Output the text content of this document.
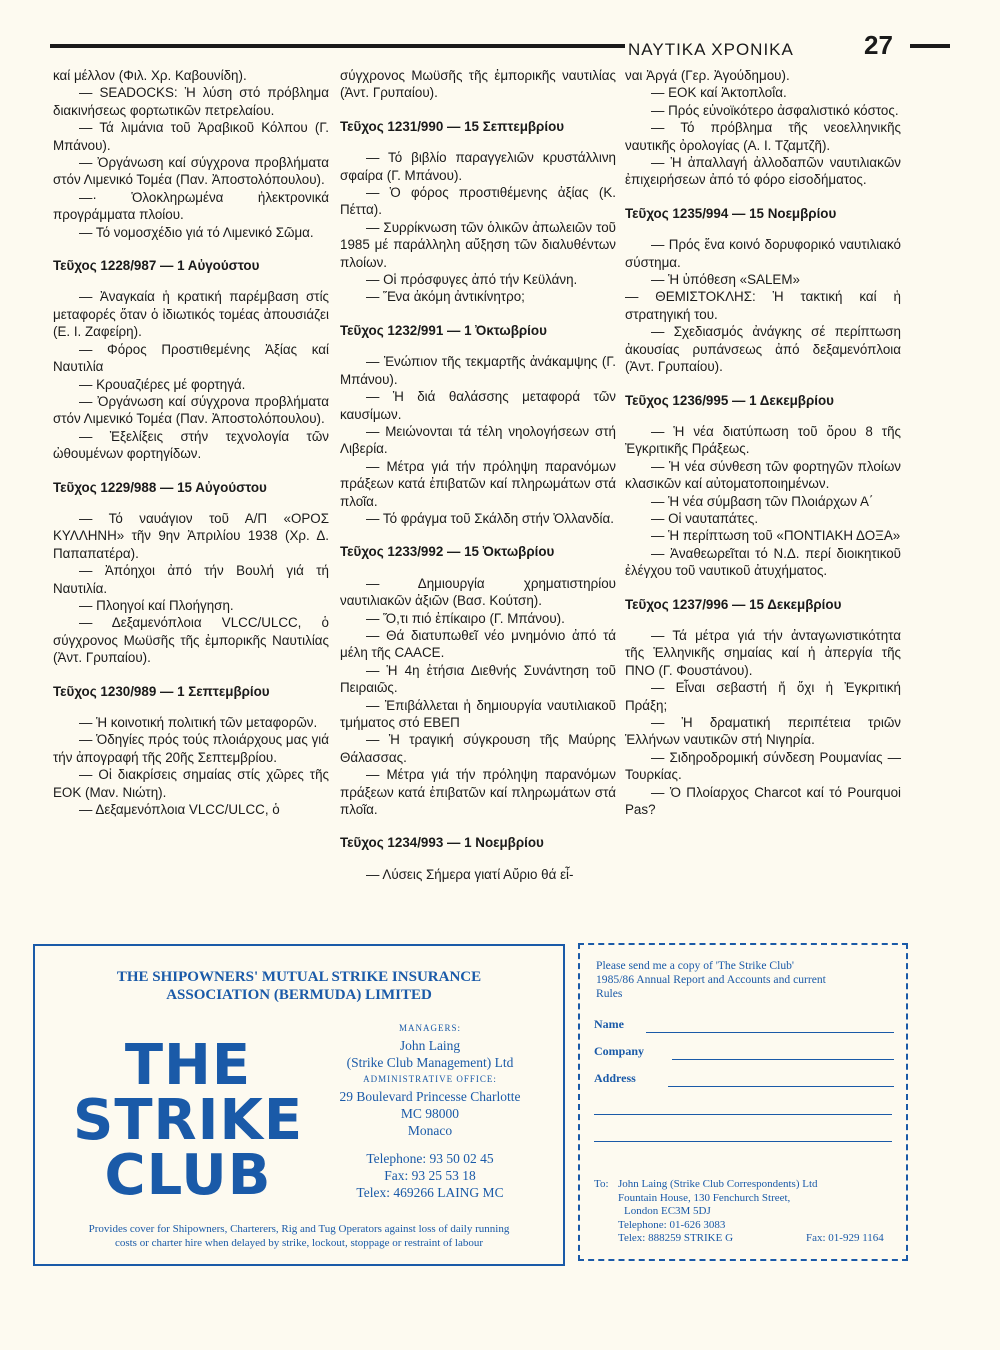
ΝΑΥΤΙΚΑ ΧΡΟΝΙΚΑ	27

καί μέλλον (Φιλ. Χρ. Καβουνίδη).

— SEADOCKS: Ἡ λύση στό πρόβλημα διακινήσεως φορτωτικῶν πετρελαίου.

— Τά λιμάνια τοῦ Ἀραβικοῦ Κόλπου (Γ. Μπάνου).

— Ὀργάνωση καί σύγχρονα προβλήματα στόν Λιμενικό Τομέα (Παν. Ἀποστολόπουλου).

—· Ὁλοκληρωμένα ἠλεκτρονικά προγράμματα πλοίου.

— Τό νομοσχέδιο γιά τό Λιμενικό Σῶμα.

Τεῦχος 1228/987 — 1 Αὐγούστου

— Ἀναγκαία ἡ κρατική παρέμβαση στίς μεταφορές ὅταν ὁ ἰδιωτικός τομέας ἀπουσιάζει (Ε. Ι. Ζαφείρη).

— Φόρος Προστιθεμένης Ἀξίας καί Ναυτιλία

— Κρουαζιέρες μέ φορτηγά.

— Ὀργάνωση καί σύγχρονα προβλήματα στόν Λιμενικό Τομέα (Παν. Ἀποστολόπουλου).

— Ἐξελίξεις στήν τεχνολογία τῶν ὠθουμένων φορτηγίδων.

Τεῦχος 1229/988 — 15 Αὐγούστου

— Τό ναυάγιον τοῦ Α/Π «ΟΡΟΣ ΚΥΛΛΗΝΗ» τῆν 9ην Ἀπριλίου 1938 (Χρ. Δ. Παπαπατέρα).

— Ἀπόηχοι ἀπό τήν Βουλή γιά τή Ναυτιλία.

— Πλοηγοί καί Πλοήγηση.

— Δεξαμενόπλοια VLCC/ULCC, ὁ σύγχρονος Μωϋσῆς τῆς ἐμπορικῆς Ναυτιλίας (Ἀντ. Γρυπαίου).

Τεῦχος 1230/989 — 1 Σεπτεμβρίου

— Ἡ κοινοτική πολιτική τῶν μεταφορῶν.

— Ὁδηγίες πρός τούς πλοιάρχους μας γιά τήν ἀπογραφή τῆς 20ῆς Σεπτεμβρίου.

— Οἱ διακρίσεις σημαίας στίς χῶρες τῆς ΕΟΚ (Μαν. Νιώτη).

— Δεξαμενόπλοια VLCC/ULCC, ὁ

σύγχρονος Μωϋσῆς τῆς ἐμπορικῆς ναυτιλίας (Ἀντ. Γρυπαίου).

Τεῦχος 1231/990 — 15 Σεπτεμβρίου

— Τό βιβλίο παραγγελιῶν κρυστάλλινη σφαίρα (Γ. Μπάνου).

— Ὁ φόρος προστιθέμενης ἀξίας (Κ. Πέττα).

— Συρρίκνωση τῶν ὁλικῶν ἀπωλειῶν τοῦ 1985 μέ παράλληλη αὔξηση τῶν διαλυθέντων πλοίων.

— Οἱ πρόσφυγες ἀπό τήν Κεϋλάνη.

— Ἕνα ἀκόμη ἀντικίνητρο;

Τεῦχος 1232/991 — 1 Ὀκτωβρίου

— Ἐνώπιον τῆς τεκμαρτῆς ἀνάκαμψης (Γ. Μπάνου).

— Ἡ διά θαλάσσης μεταφορά τῶν καυσίμων.

— Μειώνονται τά τέλη νηολογήσεων στή Λιβερία.

— Μέτρα γιά τήν πρόληψη παρανόμων πράξεων κατά ἐπιβατῶν καί πληρωμάτων στά πλοῖα.

— Τό φράγμα τοῦ Σκάλδη στήν Ὁλλανδία.

Τεῦχος 1233/992 — 15 Ὀκτωβρίου

— Δημιουργία χρηματιστηρίου ναυτιλιακῶν ἀξιῶν (Βασ. Κούτση).

— Ὅ,τι πιό ἐπίκαιρο (Γ. Μπάνου).

— Θά διατυπωθεῖ νέο μνημόνιο ἀπό τά μέλη τῆς CAACE.

— Ἡ 4η ἐτήσια Διεθνής Συνάντηση τοῦ Πειραιῶς.

— Ἐπιβάλλεται ἡ δημιουργία ναυτιλιακοῦ τμήματος στό ΕΒΕΠ

— Ἡ τραγική σύγκρουση τῆς Μαύρης Θάλασσας.

— Μέτρα γιά τήν πρόληψη παρανόμων πράξεων κατά ἐπιβατῶν καί πληρωμάτων στά πλοῖα.

Τεῦχος 1234/993 — 1 Νοεμβρίου

— Λύσεις Σήμερα γιατί Αὔριο θά εἶ-

ναι Ἀργά (Γερ. Ἀγούδημου).

— ΕΟΚ καί Ἀκτοπλοΐα.

— Πρός εὐνοϊκότερο ἀσφαλιστικό κόστος.

— Τό πρόβλημα τῆς νεοελληνικῆς ναυτικῆς ὀρολογίας (Α. Ι. Τζαμτζῆ).

— Ἡ ἀπαλλαγή ἀλλοδαπῶν ναυτιλιακῶν ἐπιχειρήσεων ἀπό τό φόρο εἰσοδήματος.

Τεῦχος 1235/994 — 15 Νοεμβρίου

— Πρός ἕνα κοινό δορυφορικό ναυτιλιακό σύστημα.

— Ἡ ὑπόθεση «SALEM»

— ΘΕΜΙΣΤΟΚΛΗΣ: Ἡ τακτική καί ἡ στρατηγική του.

— Σχεδιασμός ἀνάγκης σέ περίπτωση ἀκουσίας ρυπάνσεως ἀπό δεξαμενόπλοια (Ἀντ. Γρυπαίου).

Τεῦχος 1236/995 — 1 Δεκεμβρίου

— Ἡ νέα διατύπωση τοῦ ὅρου 8 τῆς Ἐγκριτικῆς Πράξεως.

— Ἡ νέα σύνθεση τῶν φορτηγῶν πλοίων κλασικῶν καί αὐτοματοποιημένων.

— Ἡ νέα σύμβαση τῶν Πλοιάρχων Α΄

— Οἱ ναυταπάτες.

— Ἡ περίπτωση τοῦ «ΠΟΝΤΙΑΚΗ ΔΟΞΑ»

— Ἀναθεωρεῖται τό Ν.Δ. περί διοικητικοῦ ἐλέγχου τοῦ ναυτικοῦ ἀτυχήματος.

Τεῦχος 1237/996 — 15 Δεκεμβρίου

— Τά μέτρα γιά τήν ἀνταγωνιστικότητα τῆς Ἑλληνικῆς σημαίας καί ἡ ἀπεργία τῆς ΠΝΟ (Γ. Φουστάνου).

— Εἶναι σεβαστή ἤ ὄχι ἡ Ἐγκριτική Πράξη;

— Ἡ δραματική περιπέτεια τριῶν Ἑλλήνων ναυτικῶν στή Νιγηρία.

— Σιδηροδρομική σύνδεση Ρουμανίας — Τουρκίας.

— Ὁ Πλοίαρχος Charcot καί τό Pourquoi Pas?

THE SHIPOWNERS' MUTUAL STRIKE INSURANCE
ASSOCIATION (BERMUDA) LIMITED
THE
STRIKE
CLUB
MANAGERS:
John Laing
(Strike Club Management) Ltd
ADMINISTRATIVE OFFICE:
29 Boulevard Princesse Charlotte
MC 98000
Monaco
Telephone: 93 50 02 45
Fax: 93 25 53 18
Telex: 469266 LAING MC
Provides cover for Shipowners, Charterers, Rig and Tug Operators against loss of daily running
costs or charter hire when delayed by strike, lockout, stoppage or restraint of labour
Please send me a copy of 'The Strike Club'
1985/86 Annual Report and Accounts and current
Rules
Name
Company
Address
To: John Laing (Strike Club Correspondents) Ltd
Fountain House, 130 Fenchurch Street,
London EC3M 5DJ
Telephone: 01-626 3083
Telex: 888259 STRIKE G	Fax: 01-929 1164
